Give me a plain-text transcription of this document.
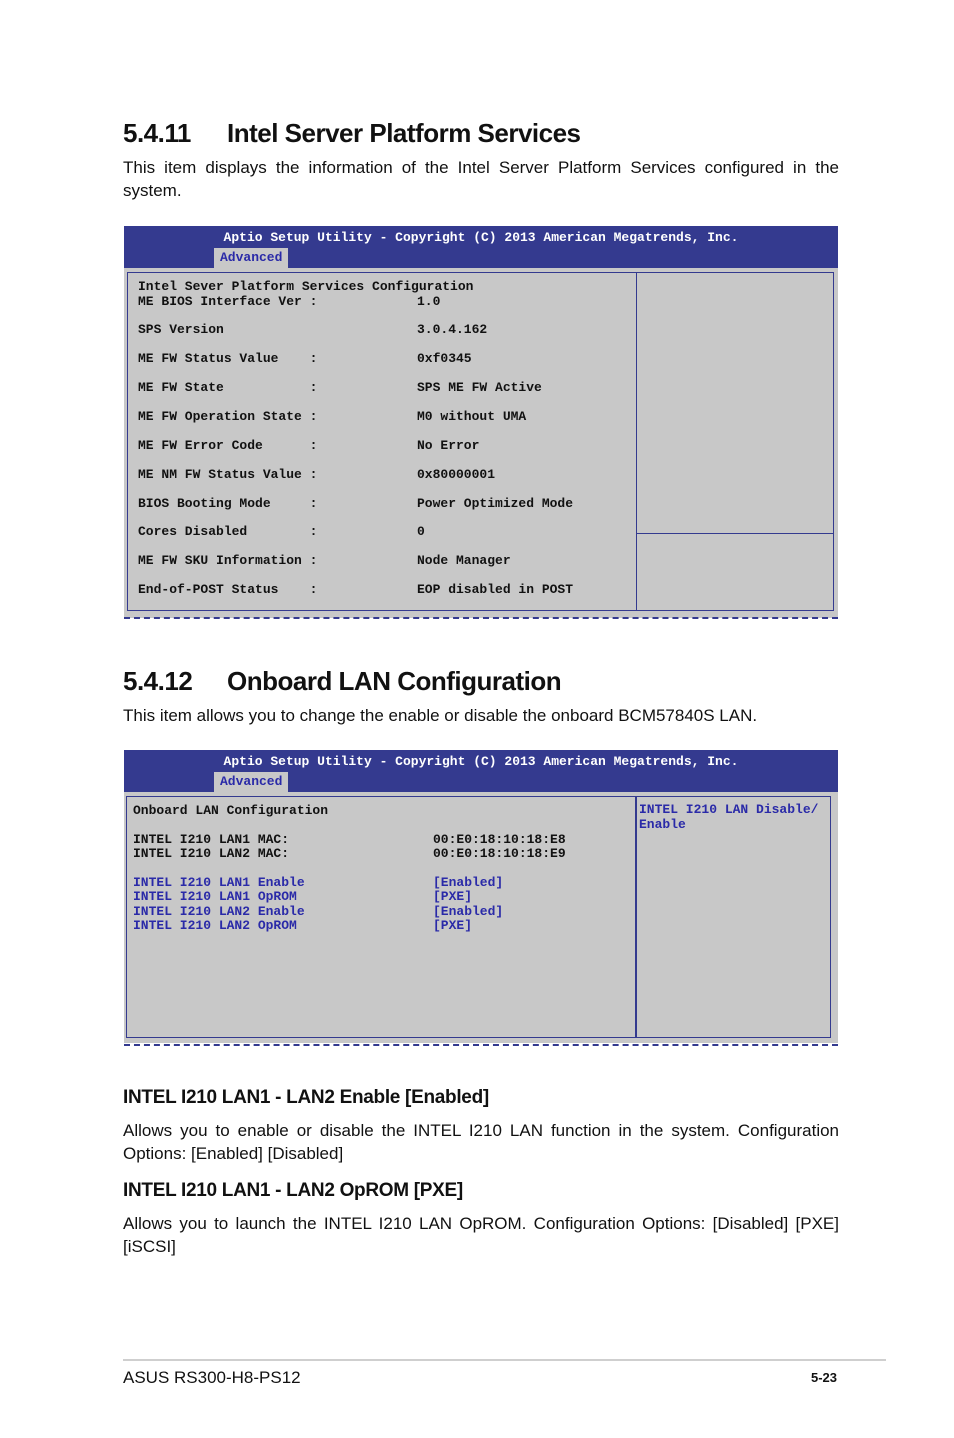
5.4.11 Intel Server Platform Services
This item displays the information of the Intel Server Platform Services configured in the system.
Aptio Setup Utility - Copyright (C) 2013 American Megatrends, Inc.
Advanced
Intel Sever Platform Services Configuration
ME BIOS Interface Ver :	1.0
SPS Version	3.0.4.162
ME FW Status Value    :	0xf0345
ME FW State           :	SPS ME FW Active
ME FW Operation State :	M0 without UMA
ME FW Error Code      :	No Error
ME NM FW Status Value :	0x80000001
BIOS Booting Mode     :	Power Optimized Mode
Cores Disabled        :	0
ME FW SKU Information :	Node Manager
End-of-POST Status    :	EOP disabled in POST
5.4.12 Onboard LAN Configuration
This item allows you to change the enable or disable the onboard BCM57840S LAN.
Aptio Setup Utility - Copyright (C) 2013 American Megatrends, Inc.
Advanced
Onboard LAN Configuration
INTEL I210 LAN1 MAC:	00:E0:18:10:18:E8
INTEL I210 LAN2 MAC:	00:E0:18:10:18:E9
INTEL I210 LAN1 Enable	[Enabled]
INTEL I210 LAN1 OpROM	[PXE]
INTEL I210 LAN2 Enable	[Enabled]
INTEL I210 LAN2 OpROM	[PXE]
INTEL I210 LAN Disable/
Enable
INTEL I210 LAN1 - LAN2 Enable [Enabled]
Allows you to enable or disable the INTEL I210 LAN function in the system. Configuration Options: [Enabled] [Disabled]
INTEL I210 LAN1 - LAN2 OpROM [PXE]
Allows you to launch the INTEL I210 LAN OpROM. Configuration Options: [Disabled] [PXE] [iSCSI]
ASUS RS300-H8-PS12	5-23
